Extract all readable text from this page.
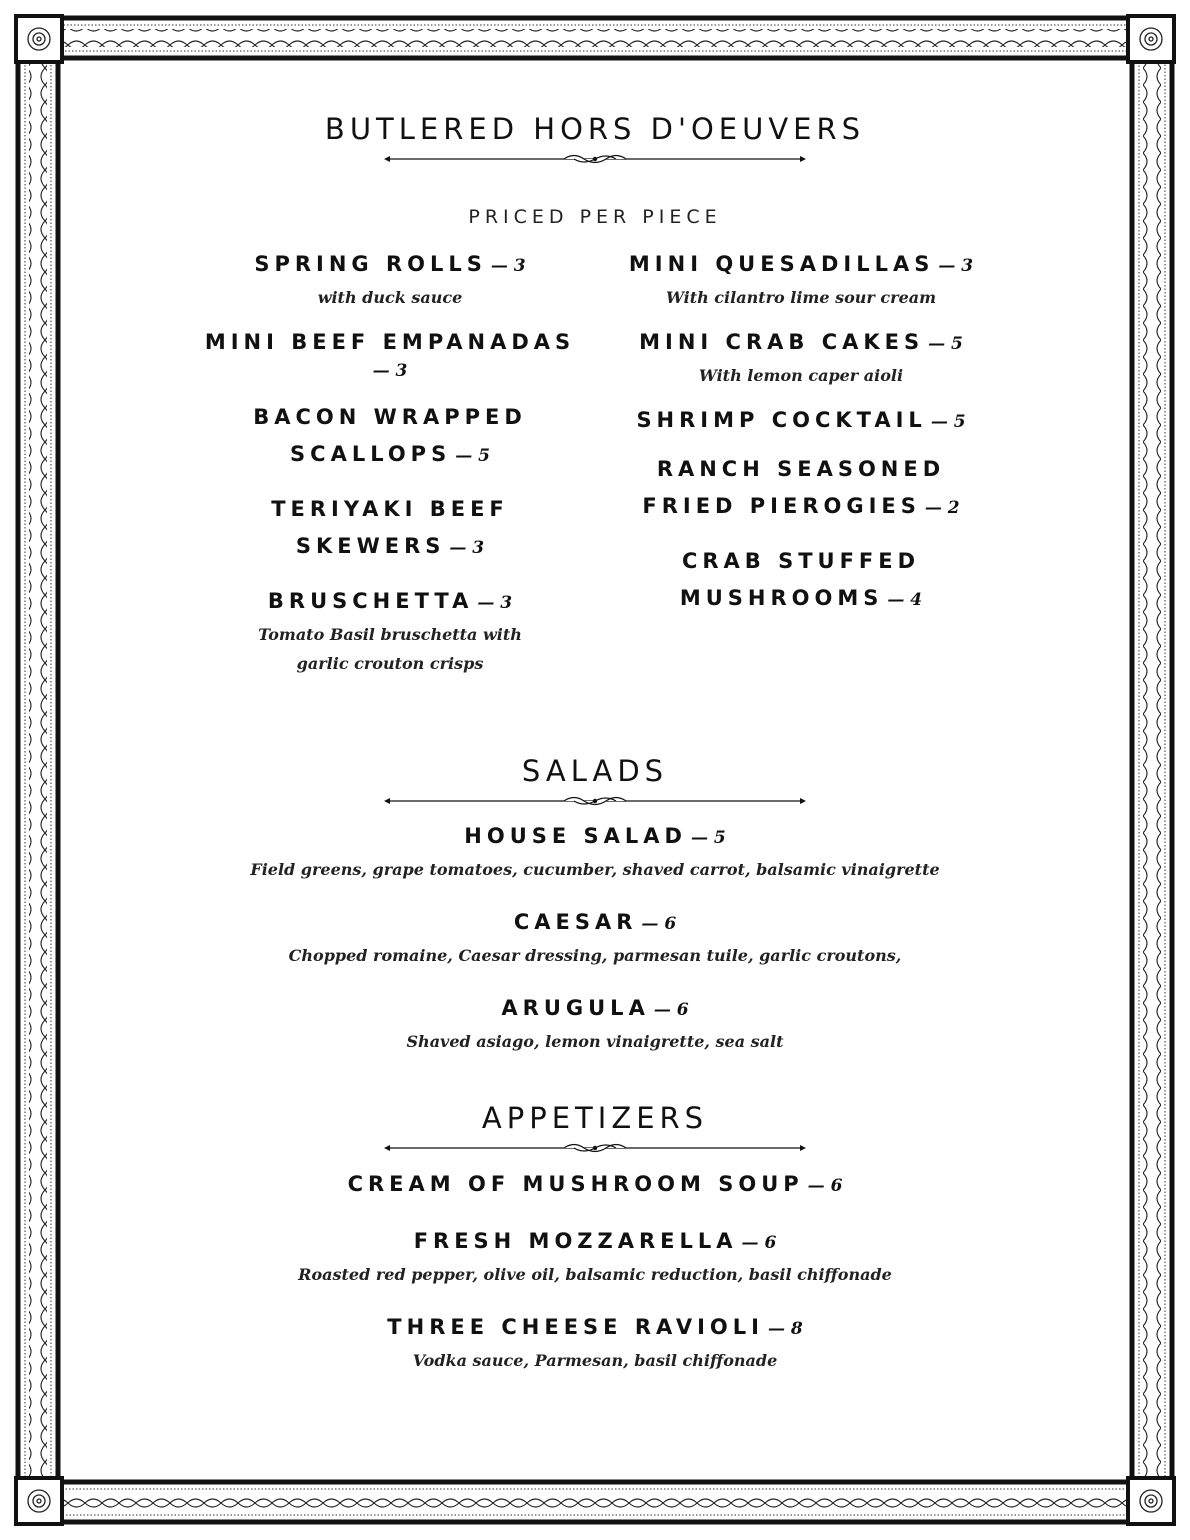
BUTLERED HORS D'OEUVERS
PRICED PER PIECE
SPRING ROLLS — 3
with duck sauce
MINI BEEF EMPANADAS
— 3
BACON WRAPPED SCALLOPS — 5
TERIYAKI BEEF SKEWERS — 3
BRUSCHETTA — 3
Tomato Basil bruschetta with garlic crouton crisps
MINI QUESADILLAS — 3
With cilantro lime sour cream
MINI CRAB CAKES — 5
With lemon caper aioli
SHRIMP COCKTAIL — 5
RANCH SEASONED FRIED PIEROGIES — 2
CRAB STUFFED MUSHROOMS — 4
SALADS
HOUSE SALAD — 5
Field greens, grape tomatoes, cucumber, shaved carrot, balsamic vinaigrette
CAESAR — 6
Chopped romaine, Caesar dressing, parmesan tuile, garlic croutons,
ARUGULA — 6
Shaved asiago, lemon vinaigrette, sea salt
APPETIZERS
CREAM OF MUSHROOM SOUP — 6
FRESH MOZZARELLA — 6
Roasted red pepper, olive oil, balsamic reduction, basil chiffonade
THREE CHEESE RAVIOLI — 8
Vodka sauce, Parmesan, basil chiffonade
